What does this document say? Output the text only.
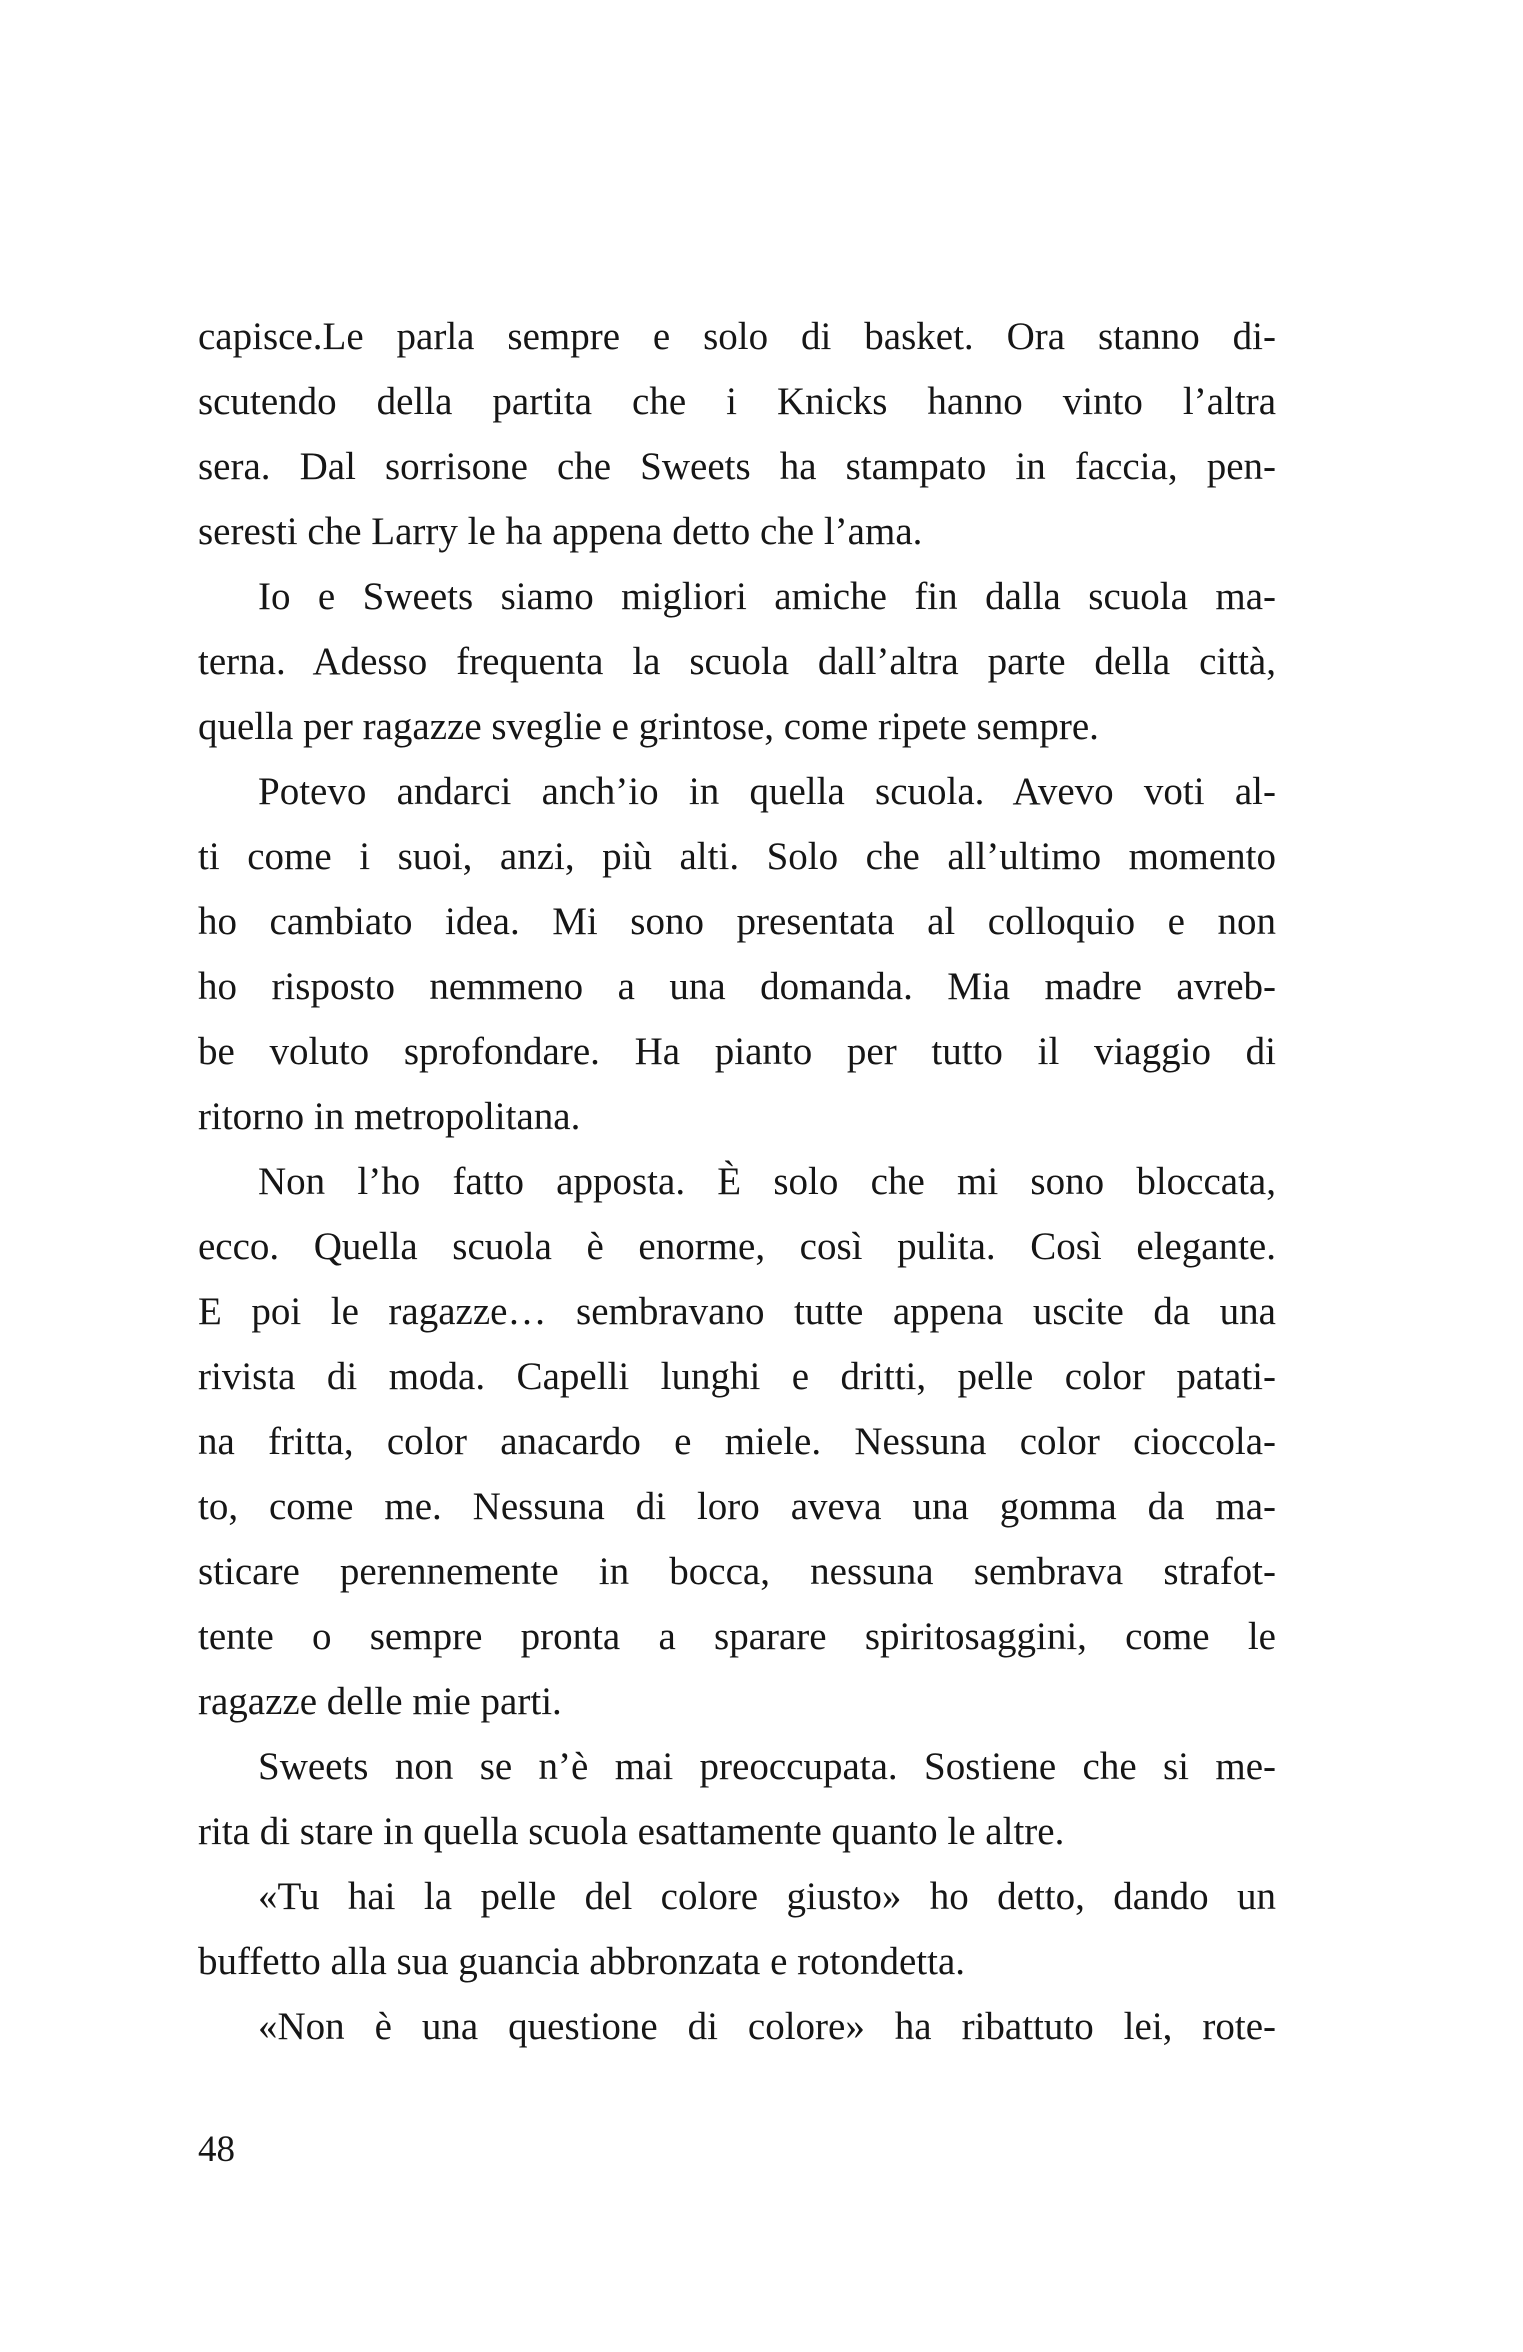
capisce.Le parla sempre e solo di basket. Ora stanno di-
scutendo della partita che i Knicks hanno vinto l’altra
sera. Dal sorrisone che Sweets ha stampato in faccia, pen-
seresti che Larry le ha appena detto che l’ama.
Io e Sweets siamo migliori amiche fin dalla scuola ma-
terna. Adesso frequenta la scuola dall’altra parte della città,
quella per ragazze sveglie e grintose, come ripete sempre.
Potevo andarci anch’io in quella scuola. Avevo voti al-
ti come i suoi, anzi, più alti. Solo che all’ultimo momento
ho cambiato idea. Mi sono presentata al colloquio e non
ho risposto nemmeno a una domanda. Mia madre avreb-
be voluto sprofondare. Ha pianto per tutto il viaggio di
ritorno in metropolitana.
Non l’ho fatto apposta. È solo che mi sono bloccata,
ecco. Quella scuola è enorme, così pulita. Così elegante.
E poi le ragazze… sembravano tutte appena uscite da una
rivista di moda. Capelli lunghi e dritti, pelle color patati-
na fritta, color anacardo e miele. Nessuna color cioccola-
to, come me. Nessuna di loro aveva una gomma da ma-
sticare perennemente in bocca, nessuna sembrava strafot-
tente o sempre pronta a sparare spiritosaggini, come le
ragazze delle mie parti.
Sweets non se n’è mai preoccupata. Sostiene che si me-
rita di stare in quella scuola esattamente quanto le altre.
«Tu hai la pelle del colore giusto» ho detto, dando un
buffetto alla sua guancia abbronzata e rotondetta.
«Non è una questione di colore» ha ribattuto lei, rote-
48
